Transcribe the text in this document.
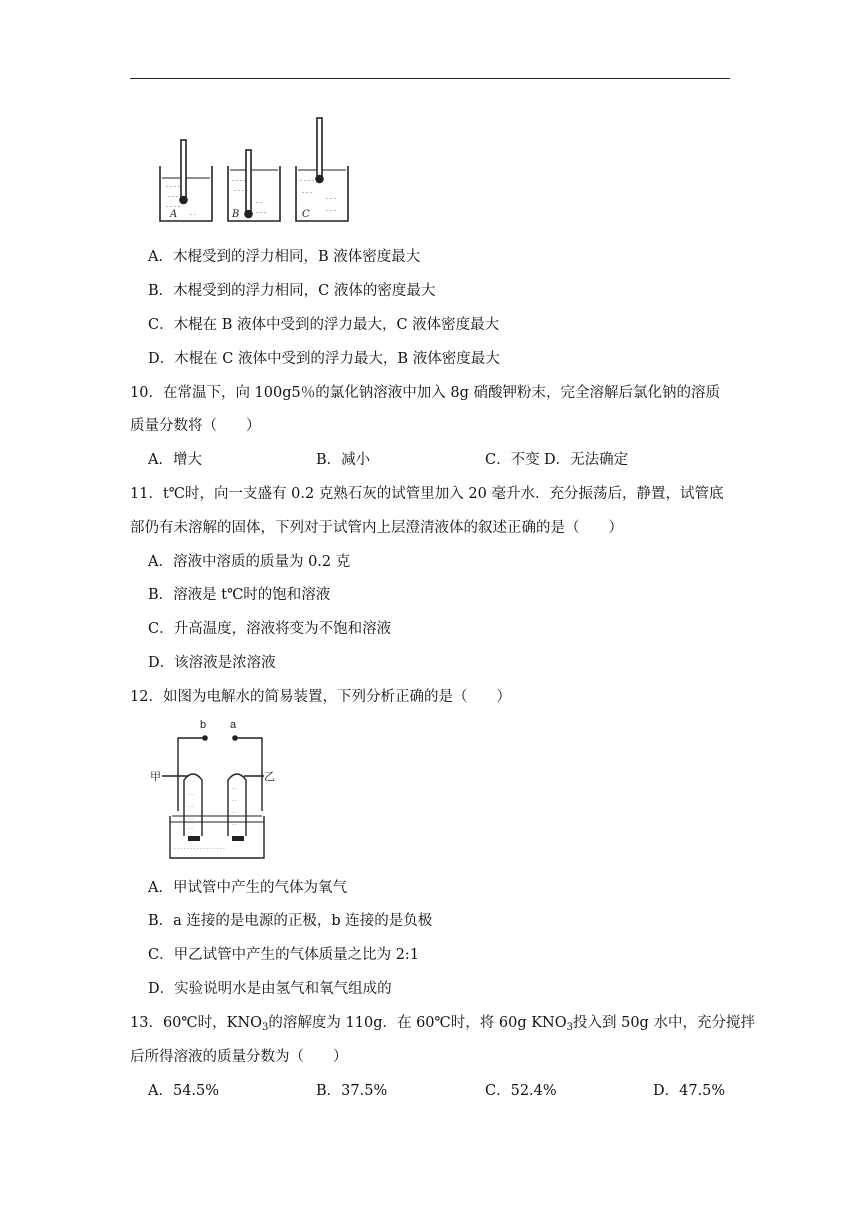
- - - -
- - - -
- - - -
- -
- - - -
- - - -
- -
- - -
- - - - -
- - -
- - -
- - -
A	B	C
A．木棍受到的浮力相同，B 液体密度最大
B．木棍受到的浮力相同，C 液体的密度最大
C．木棍在 B 液体中受到的浮力最大，C 液体密度最大
D．木棍在 C 液体中受到的浮力最大，B 液体密度最大
10．在常温下，向 100g5％的氯化钠溶液中加入 8g 硝酸钾粉末，完全溶解后氯化钠的溶质
质量分数将（　　）
A．增大	B．减小	C．不变 D．无法确定
11．t℃时，向一支盛有 0.2 克熟石灰的试管里加入 20 毫升水．充分振荡后，静置，试管底
部仍有未溶解的固体，下列对于试管内上层澄清液体的叙述正确的是（　　）
A．溶液中溶质的质量为 0.2 克
B．溶液是 t℃时的饱和溶液
C．升高温度，溶液将变为不饱和溶液
D．该溶液是浓溶液
12．如图为电解水的简易装置，下列分析正确的是（　　）
b a
甲	乙
- -
- -
- -
- -
- -
- -
- -
- -
- - - - - - - - - - - - - - - -
A．甲试管中产生的气体为氧气
B．a 连接的是电源的正极，b 连接的是负极
C．甲乙试管中产生的气体质量之比为 2:1
D．实验说明水是由氢气和氧气组成的
13．60℃时，$KNO_3$的溶解度为 110g．在 60℃时，将 60g $KNO_3$投入到 50g 水中，充分搅拌
后所得溶液的质量分数为（　　）
A．54.5%	B．37.5%	C．52.4%	D．47.5%
